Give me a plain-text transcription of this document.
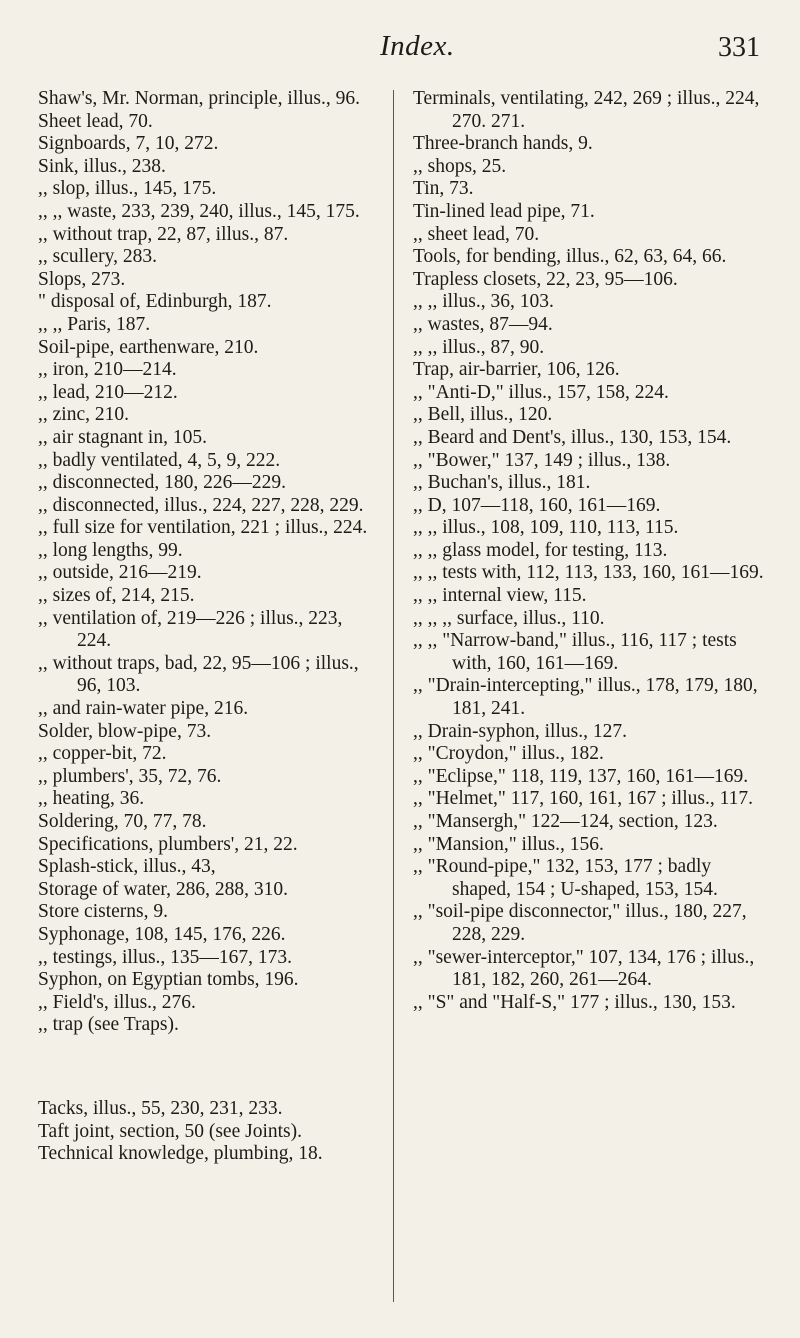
Index.	331

Shaw's, Mr. Norman, principle, illus., 96.

Sheet lead, 70.

Signboards, 7, 10, 272.

Sink, illus., 238.

,, slop, illus., 145, 175.

,, ,, waste, 233, 239, 240, illus., 145, 175.

,, without trap, 22, 87, illus., 87.

,, scullery, 283.

Slops, 273.

" disposal of, Edinburgh, 187.

,, ,, Paris, 187.

Soil-pipe, earthenware, 210.

,, iron, 210—214.

,, lead, 210—212.

,, zinc, 210.

,, air stagnant in, 105.

,, badly ventilated, 4, 5, 9, 222.

,, disconnected, 180, 226—229.

,, disconnected, illus., 224, 227, 228, 229.

,, full size for ventilation, 221 ; illus., 224.

,, long lengths, 99.

,, outside, 216—219.

,, sizes of, 214, 215.

,, ventilation of, 219—226 ; illus., 223, 224.

,, without traps, bad, 22, 95—106 ; illus., 96, 103.

,, and rain-water pipe, 216.

Solder, blow-pipe, 73.

,, copper-bit, 72.

,, plumbers', 35, 72, 76.

,, heating, 36.

Soldering, 70, 77, 78.

Specifications, plumbers', 21, 22.

Splash-stick, illus., 43,

Storage of water, 286, 288, 310.

Store cisterns, 9.

Syphonage, 108, 145, 176, 226.

,, testings, illus., 135—167, 173.

Syphon, on Egyptian tombs, 196.

,, Field's, illus., 276.

,, trap (see Traps).

Tacks, illus., 55, 230, 231, 233.

Taft joint, section, 50 (see Joints).

Technical knowledge, plumbing, 18.

Terminals, ventilating, 242, 269 ; illus., 224, 270. 271.

Three-branch hands, 9.

,, shops, 25.

Tin, 73.

Tin-lined lead pipe, 71.

,, sheet lead, 70.

Tools, for bending, illus., 62, 63, 64, 66.

Trapless closets, 22, 23, 95—106.

,, ,, illus., 36, 103.

,, wastes, 87—94.

,, ,, illus., 87, 90.

Trap, air-barrier, 106, 126.

,, "Anti-D," illus., 157, 158, 224.

,, Bell, illus., 120.

,, Beard and Dent's, illus., 130, 153, 154.

,, "Bower," 137, 149 ; illus., 138.

,, Buchan's, illus., 181.

,, D, 107—118, 160, 161—169.

,, ,, illus., 108, 109, 110, 113, 115.

,, ,, glass model, for testing, 113.

,, ,, tests with, 112, 113, 133, 160, 161—169.

,, ,, internal view, 115.

,, ,, ,, surface, illus., 110.

,, ,, "Narrow-band," illus., 116, 117 ; tests with, 160, 161—169.

,, "Drain-intercepting," illus., 178, 179, 180, 181, 241.

,, Drain-syphon, illus., 127.

,, "Croydon," illus., 182.

,, "Eclipse," 118, 119, 137, 160, 161—169.

,, "Helmet," 117, 160, 161, 167 ; illus., 117.

,, "Mansergh," 122—124, section, 123.

,, "Mansion," illus., 156.

,, "Round-pipe," 132, 153, 177 ; badly shaped, 154 ; U-shaped, 153, 154.

,, "soil-pipe disconnector," illus., 180, 227, 228, 229.

,, "sewer-interceptor," 107, 134, 176 ; illus., 181, 182, 260, 261—264.

,, "S" and "Half-S," 177 ; illus., 130, 153.
